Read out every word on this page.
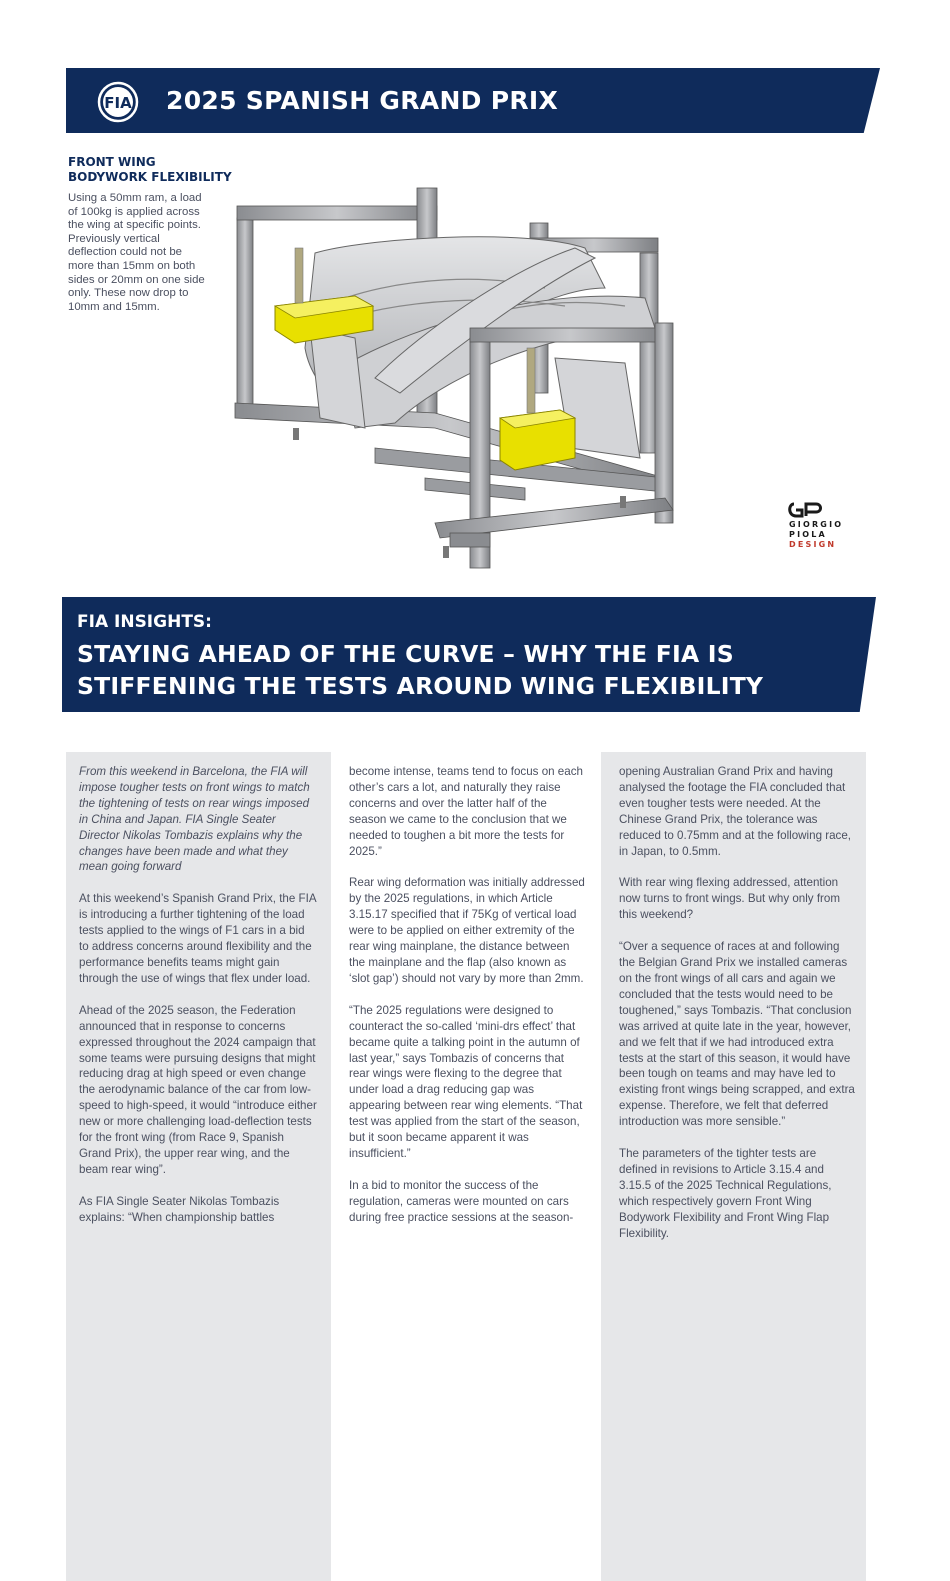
FIA 2025 SPANISH GRAND PRIX
FRONT WING BODYWORK FLEXIBILITY
Using a 50mm ram, a load of 100kg is applied across the wing at specific points. Previously vertical deflection could not be more than 15mm on both sides or 20mm on one side only. These now drop to 10mm and 15mm.
GIORGIO
PIOLA
DESIGN
FIA INSIGHTS:
STAYING AHEAD OF THE CURVE – WHY THE FIA IS STIFFENING THE TESTS AROUND WING FLEXIBILITY

From this weekend in Barcelona, the FIA will impose tougher tests on front wings to match the tightening of tests on rear wings imposed in China and Japan. FIA Single Seater Director Nikolas Tombazis explains why the changes have been made and what they mean going forward

At this weekend’s Spanish Grand Prix, the FIA is introducing a further tightening of the load tests applied to the wings of F1 cars in a bid to address concerns around flexibility and the performance benefits teams might gain through the use of wings that flex under load.

Ahead of the 2025 season, the Federation announced that in response to concerns expressed throughout the 2024 campaign that some teams were pursuing designs that might reducing drag at high speed or even change the aerodynamic balance of the car from low-speed to high-speed, it would “introduce either new or more challenging load-deflection tests for the front wing (from Race 9, Spanish Grand Prix), the upper rear wing, and the beam rear wing”.

As FIA Single Seater Nikolas Tombazis explains: “When championship battles

become intense, teams tend to focus on each other’s cars a lot, and naturally they raise concerns and over the latter half of the season we came to the conclusion that we needed to toughen a bit more the tests for 2025.”

Rear wing deformation was initially addressed by the 2025 regulations, in which Article 3.15.17 specified that if 75Kg of vertical load were to be applied on either extremity of the rear wing mainplane, the distance between the mainplane and the flap (also known as ‘slot gap’) should not vary by more than 2mm.

“The 2025 regulations were designed to counteract the so-called ‘mini-drs effect’ that became quite a talking point in the autumn of last year,” says Tombazis of concerns that rear wings were flexing to the degree that under load a drag reducing gap was appearing between rear wing elements. “That test was applied from the start of the season, but it soon became apparent it was insufficient.”

In a bid to monitor the success of the regulation, cameras were mounted on cars during free practice sessions at the season-

opening Australian Grand Prix and having analysed the footage the FIA concluded that even tougher tests were needed. At the Chinese Grand Prix, the tolerance was reduced to 0.75mm and at the following race, in Japan, to 0.5mm.

With rear wing flexing addressed, attention now turns to front wings. But why only from this weekend?

“Over a sequence of races at and following the Belgian Grand Prix we installed cameras on the front wings of all cars and again we concluded that the tests would need to be toughened,” says Tombazis. “That conclusion was arrived at quite late in the year, however, and we felt that if we had introduced extra tests at the start of this season, it would have been tough on teams and may have led to existing front wings being scrapped, and extra expense. Therefore, we felt that deferred introduction was more sensible.”

The parameters of the tighter tests are defined in revisions to Article 3.15.4 and 3.15.5 of the 2025 Technical Regulations, which respectively govern Front Wing Bodywork Flexibility and Front Wing Flap Flexibility.
